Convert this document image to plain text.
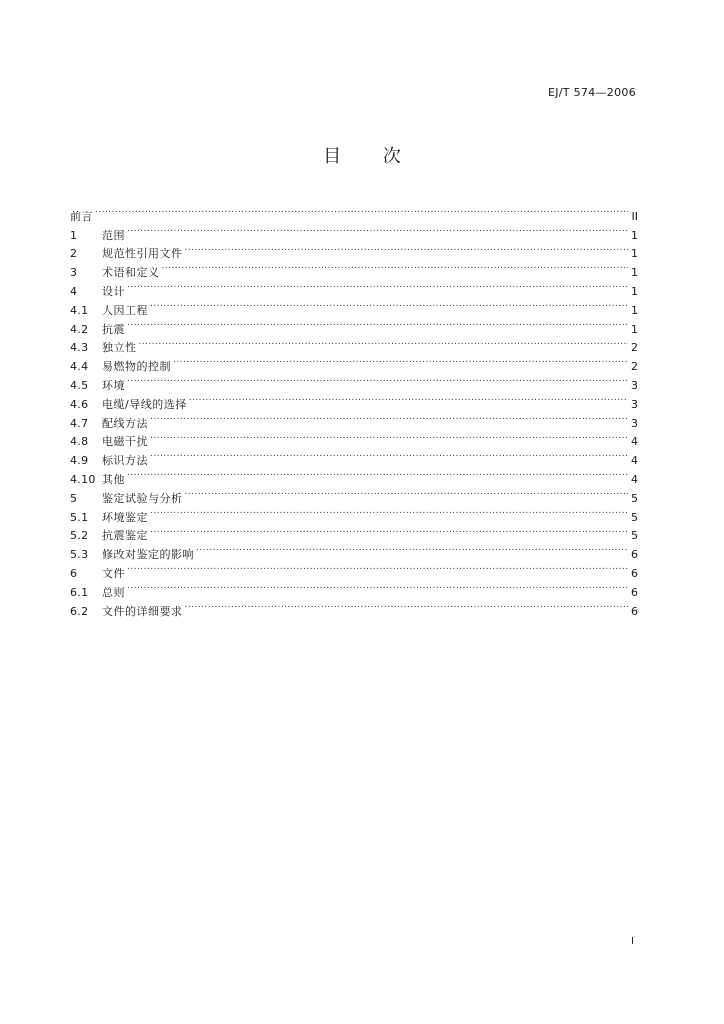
EJ/T 574—2006
目 次
前言 . . .	II
1	范围 . . .	1
2	规范性引用文件 . . .	1
3	术语和定义 . . .	1
4	设计 . . .	1
4.1	人因工程 . . .	1
4.2	抗震 . . .	1
4.3	独立性 . . .	2
4.4	易燃物的控制 . . .	2
4.5	环境 . . .	3
4.6	电缆/导线的选择 . . .	3
4.7	配线方法 . . .	3
4.8	电磁干扰 . . .	4
4.9	标识方法 . . .	4
4.10 其他 . . .	4
5	鉴定试验与分析 . . .	5
5.1	环境鉴定 . . .	5
5.2	抗震鉴定 . . .	5
5.3	修改对鉴定的影响 . . .	6
6	文件 . . .	6
6.1	总则 . . .	6
6.2	文件的详细要求 . . .	6
I
